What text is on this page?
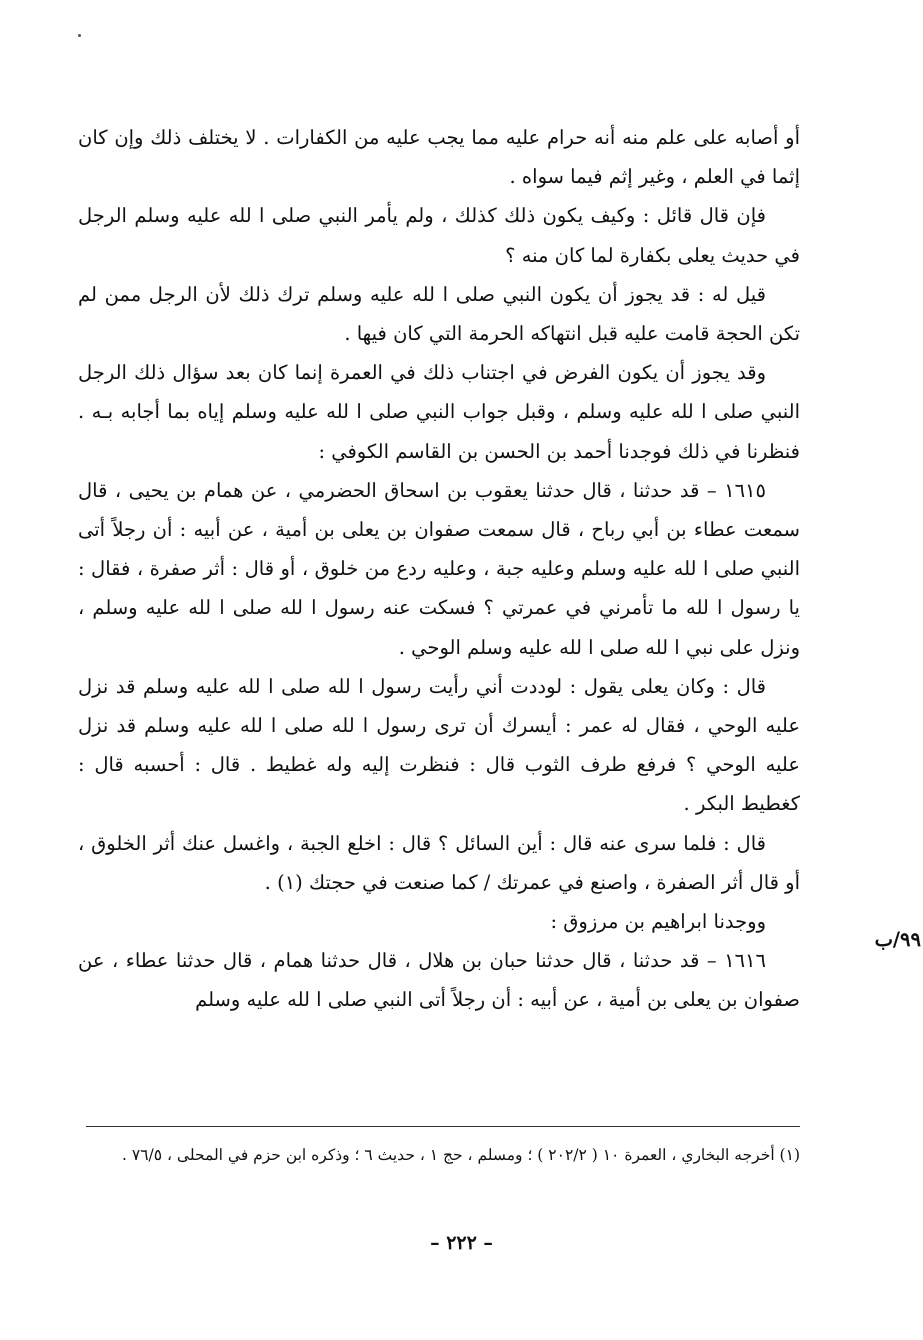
أو أصابه على علم منه أنه حرام عليه مما يجب عليه من الكفارات . لا يختلف ذلك وإن كان إثما في العلم ، وغير إثم فيما سواه .

فإن قال قائل : وكيف يكون ذلك كذلك ، ولم يأمر النبي صلى ا لله عليه وسلم الرجل في حديث يعلى بكفارة لما كان منه ؟

قيل له : قد يجوز أن يكون النبي صلى ا لله عليه وسلم ترك ذلك لأن الرجل ممن لم تكن الحجة قامت عليه قبل انتهاكه الحرمة التي كان فيها .

وقد يجوز أن يكون الفرض في اجتناب ذلك في العمرة إنما كان بعد سؤال ذلك الرجل النبي صلى ا لله عليه وسلم ، وقبل جواب النبي صلى ا لله عليه وسلم إياه بما أجابه بـه . فنظرنا في ذلك فوجدنا أحمد بن الحسن بن القاسم الكوفي :

١٦١٥ – قد حدثنا ، قال حدثنا يعقوب بن اسحاق الحضرمي ، عن همام بن يحيى ، قال سمعت عطاء بن أبي رباح ، قال سمعت صفوان بن يعلى بن أمية ، عن أبيه : أن رجلاً أتى النبي صلى ا لله عليه وسلم وعليه جبة ، وعليه ردع من خلوق ، أو قال : أثر صفرة ، فقال : يا رسول ا لله ما تأمرني في عمرتي ؟ فسكت عنه رسول ا لله صلى ا لله عليه وسلم ، ونزل على نبي ا لله صلى ا لله عليه وسلم الوحي .

قال : وكان يعلى يقول : لوددت أني رأيت رسول ا لله صلى ا لله عليه وسلم قد نزل عليه الوحي ، فقال له عمر : أيسرك أن ترى رسول ا لله صلى ا لله عليه وسلم قد نزل عليه الوحي ؟ فرفع طرف الثوب قال : فنظرت إليه وله غطيط . قال : أحسبه قال : كغطيط البكر .

قال : فلما سرى عنه قال : أين السائل ؟ قال : اخلع الجبة ، واغسل عنك أثر الخلوق ، أو قال أثر الصفرة ، واصنع في عمرتك / كما صنعت في حجتك (١) .

ووجدنا ابراهيم بن مرزوق :

١٦١٦ – قد حدثنا ، قال حدثنا حبان بن هلال ، قال حدثنا همام ، قال حدثنا عطاء ، عن صفوان بن يعلى بن أمية ، عن أبيه : أن رجلاً أتى النبي صلى ا لله عليه وسلم

٩٩/ب

(١) أخرجه البخاري ، العمرة ١٠ ( ٢٠٢/٢ ) ؛ ومسلم ، حج ١ ، حديث ٦ ؛ وذكره ابن حزم في المحلى ، ٧٦/٥ .

– ٢٢٢ –
